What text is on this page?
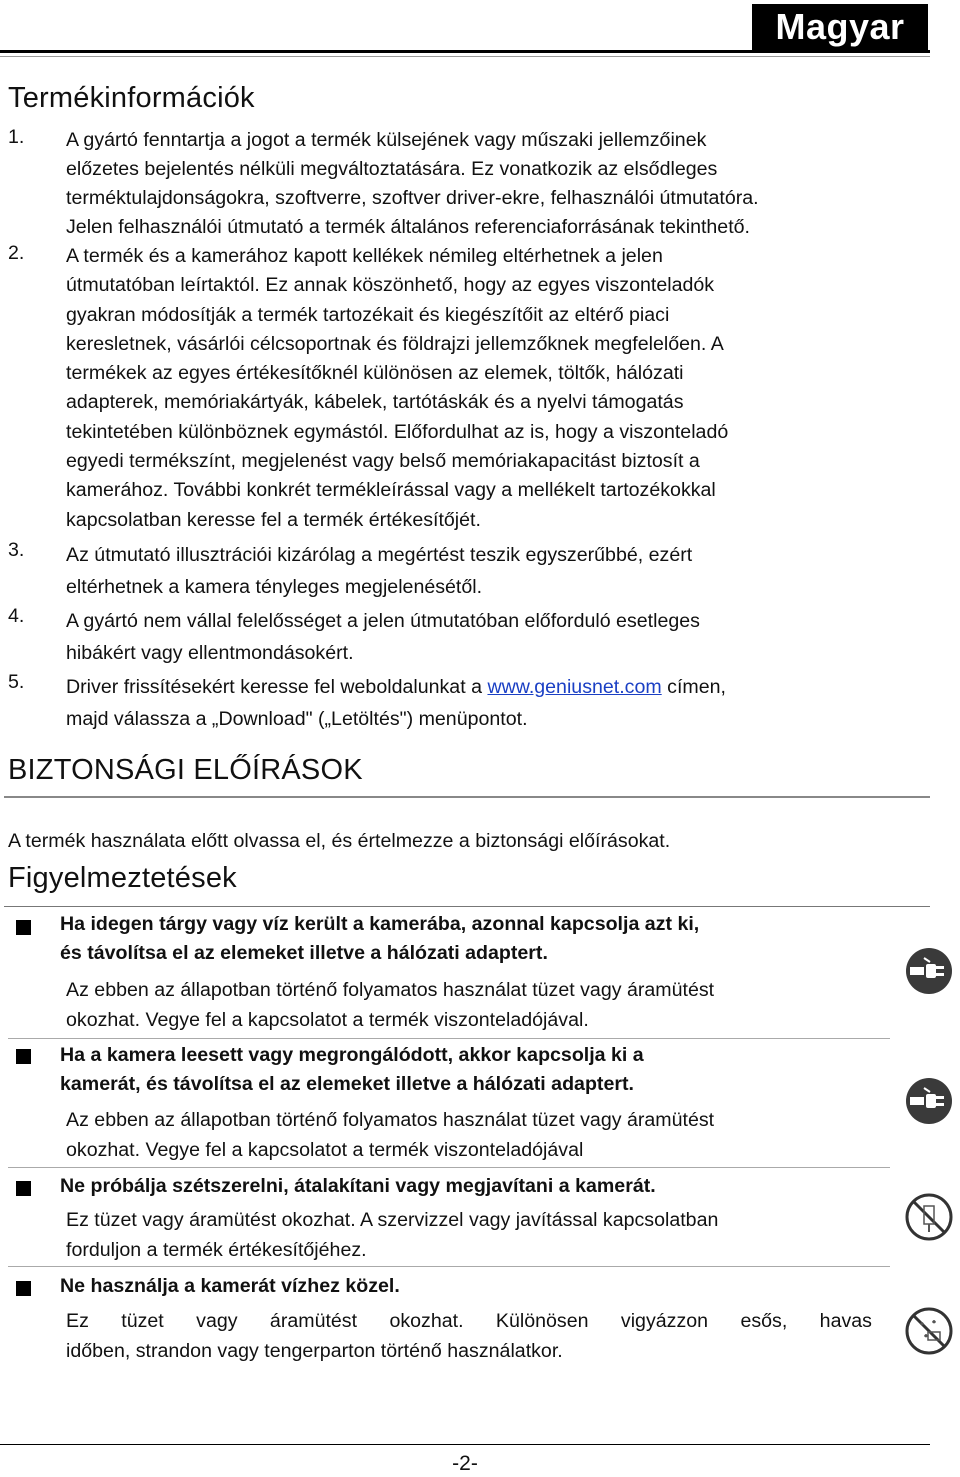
Magyar
Termékinformációk
1. A gyártó fenntartja a jogot a termék külsejének vagy műszaki jellemzőinek
előzetes bejelentés nélküli megváltoztatására. Ez vonatkozik az elsődleges
terméktulajdonságokra, szoftverre, szoftver driver-ekre, felhasználói útmutatóra.
Jelen felhasználói útmutató a termék általános referenciaforrásának tekinthető.
2. A termék és a kamerához kapott kellékek némileg eltérhetnek a jelen
útmutatóban leírtaktól. Ez annak köszönhető, hogy az egyes viszonteladók
gyakran módosítják a termék tartozékait és kiegészítőit az eltérő piaci
keresletnek, vásárlói célcsoportnak és földrajzi jellemzőknek megfelelően. A
termékek az egyes értékesítőknél különösen az elemek, töltők, hálózati
adapterek, memóriakártyák, kábelek, tartótáskák és a nyelvi támogatás
tekintetében különböznek egymástól. Előfordulhat az is, hogy a viszonteladó
egyedi termékszínt, megjelenést vagy belső memóriakapacitást biztosít a
kamerához. További konkrét termékleírással vagy a mellékelt tartozékokkal
kapcsolatban keresse fel a termék értékesítőjét.
3. Az útmutató illusztrációi kizárólag a megértést teszik egyszerűbbé, ezért
eltérhetnek a kamera tényleges megjelenésétől.
4. A gyártó nem vállal felelősséget a jelen útmutatóban előforduló esetleges
hibákért vagy ellentmondásokért.
5. Driver frissítésekért keresse fel weboldalunkat a www.geniusnet.com címen,
majd válassza a „Download" („Letöltés") menüpontot.
BIZTONSÁGI ELŐÍRÁSOK
A termék használata előtt olvassa el, és értelmezze a biztonsági előírásokat.
Figyelmeztetések
Ha idegen tárgy vagy víz került a kamerába, azonnal kapcsolja azt ki,
és távolítsa el az elemeket illetve a hálózati adaptert.
Az ebben az állapotban történő folyamatos használat tüzet vagy áramütést
okozhat. Vegye fel a kapcsolatot a termék viszonteladójával.
Ha a kamera leesett vagy megrongálódott, akkor kapcsolja ki a
kamerát, és távolítsa el az elemeket illetve a hálózati adaptert.
Az ebben az állapotban történő folyamatos használat tüzet vagy áramütést
okozhat. Vegye fel a kapcsolatot a termék viszonteladójával
Ne próbálja szétszerelni, átalakítani vagy megjavítani a kamerát.
Ez tüzet vagy áramütést okozhat. A szervizzel vagy javítással kapcsolatban
forduljon a termék értékesítőjéhez.
Ne használja a kamerát vízhez közel.
Ez tüzet vagy áramütést okozhat. Különösen vigyázzon esős, havas
időben, strandon vagy tengerparton történő használatkor.
-2-
